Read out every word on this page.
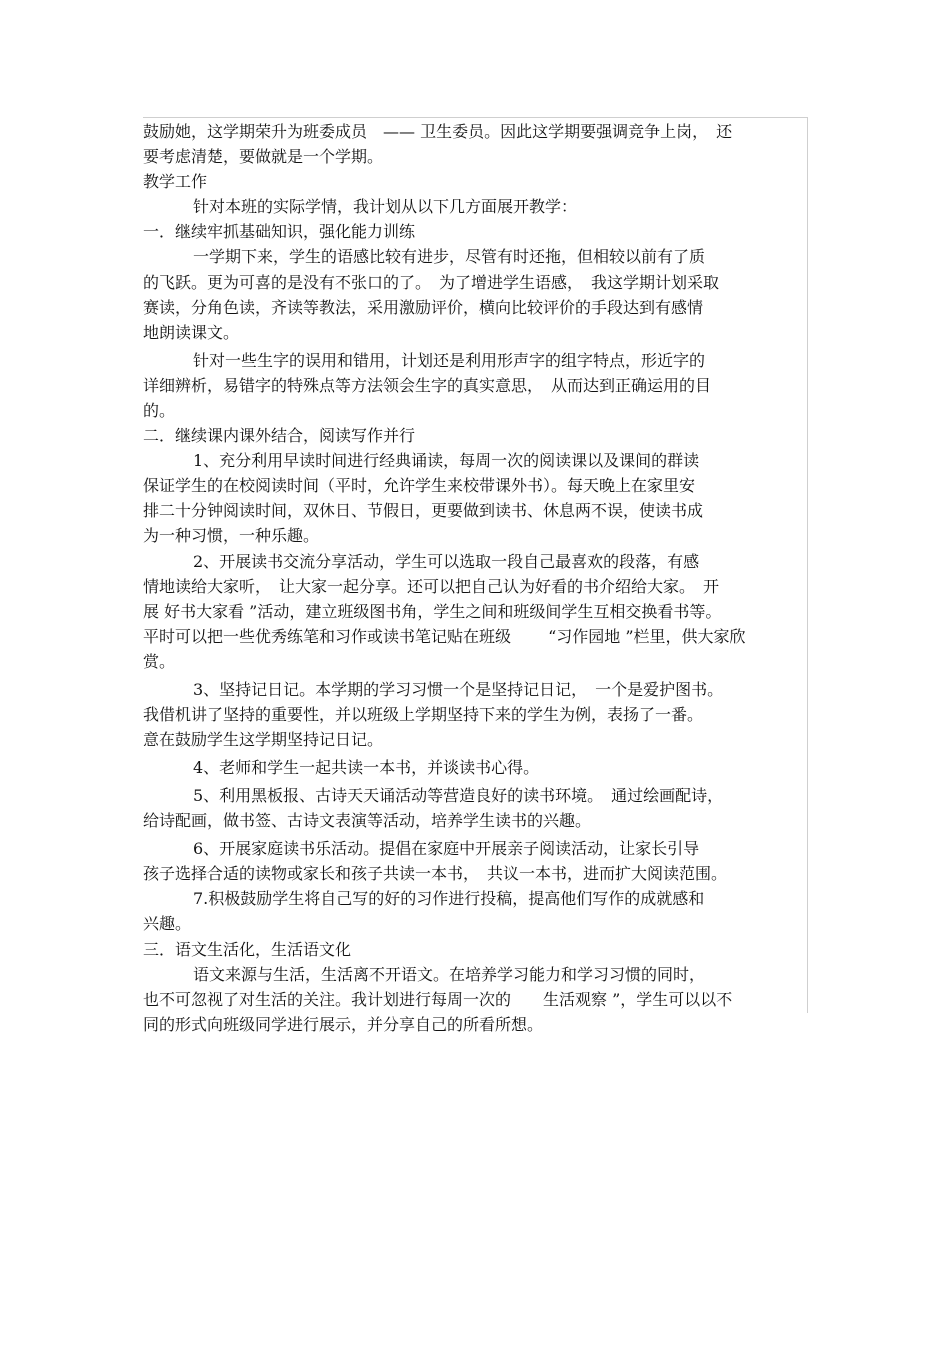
鼓励她，这学期荣升为班委成员　—— 卫生委员。因此这学期要强调竞争上岗，　还
要考虑清楚，要做就是一个学期。
教学工作
针对本班的实际学情，我计划从以下几方面展开教学：
一．继续牢抓基础知识，强化能力训练
一学期下来，学生的语感比较有进步，尽管有时还拖，但相较以前有了质
的飞跃。更为可喜的是没有不张口的了。　为了增进学生语感，　我这学期计划采取
赛读，分角色读，齐读等教法，采用激励评价，横向比较评价的手段达到有感情
地朗读课文。
针对一些生字的误用和错用，计划还是利用形声字的组字特点，形近字的
详细辨析，易错字的特殊点等方法领会生字的真实意思，　从而达到正确运用的目
的。
二．继续课内课外结合，阅读写作并行
1、充分利用早读时间进行经典诵读，每周一次的阅读课以及课间的群读
保证学生的在校阅读时间（平时，允许学生来校带课外书）。每天晚上在家里安
排二十分钟阅读时间，双休日、节假日，更要做到读书、休息两不误，使读书成
为一种习惯，一种乐趣。
2、开展读书交流分享活动，学生可以选取一段自己最喜欢的段落，有感
情地读给大家听，　让大家一起分享。还可以把自己认为好看的书介绍给大家。　开
展 好书大家看 ”活动，建立班级图书角，学生之间和班级间学生互相交换看书等。
平时可以把一些优秀练笔和习作或读书笔记贴在班级　　 “习作园地 ”栏里，供大家欣
赏。
3、坚持记日记。本学期的学习习惯一个是坚持记日记，　一个是爱护图书。
我借机讲了坚持的重要性，并以班级上学期坚持下来的学生为例，表扬了一番。
意在鼓励学生这学期坚持记日记。
4、老师和学生一起共读一本书，并谈读书心得。
5、利用黑板报、古诗天天诵活动等营造良好的读书环境。　通过绘画配诗，
给诗配画，做书签、古诗文表演等活动，培养学生读书的兴趣。
6、开展家庭读书乐活动。提倡在家庭中开展亲子阅读活动，让家长引导
孩子选择合适的读物或家长和孩子共读一本书，　共议一本书，进而扩大阅读范围。
7.积极鼓励学生将自己写的好的习作进行投稿，提高他们写作的成就感和
兴趣。
三．语文生活化，生活语文化
语文来源与生活，生活离不开语文。在培养学习能力和学习习惯的同时，
也不可忽视了对生活的关注。我计划进行每周一次的　　生活观察 ”，学生可以以不
同的形式向班级同学进行展示，并分享自己的所看所想。
